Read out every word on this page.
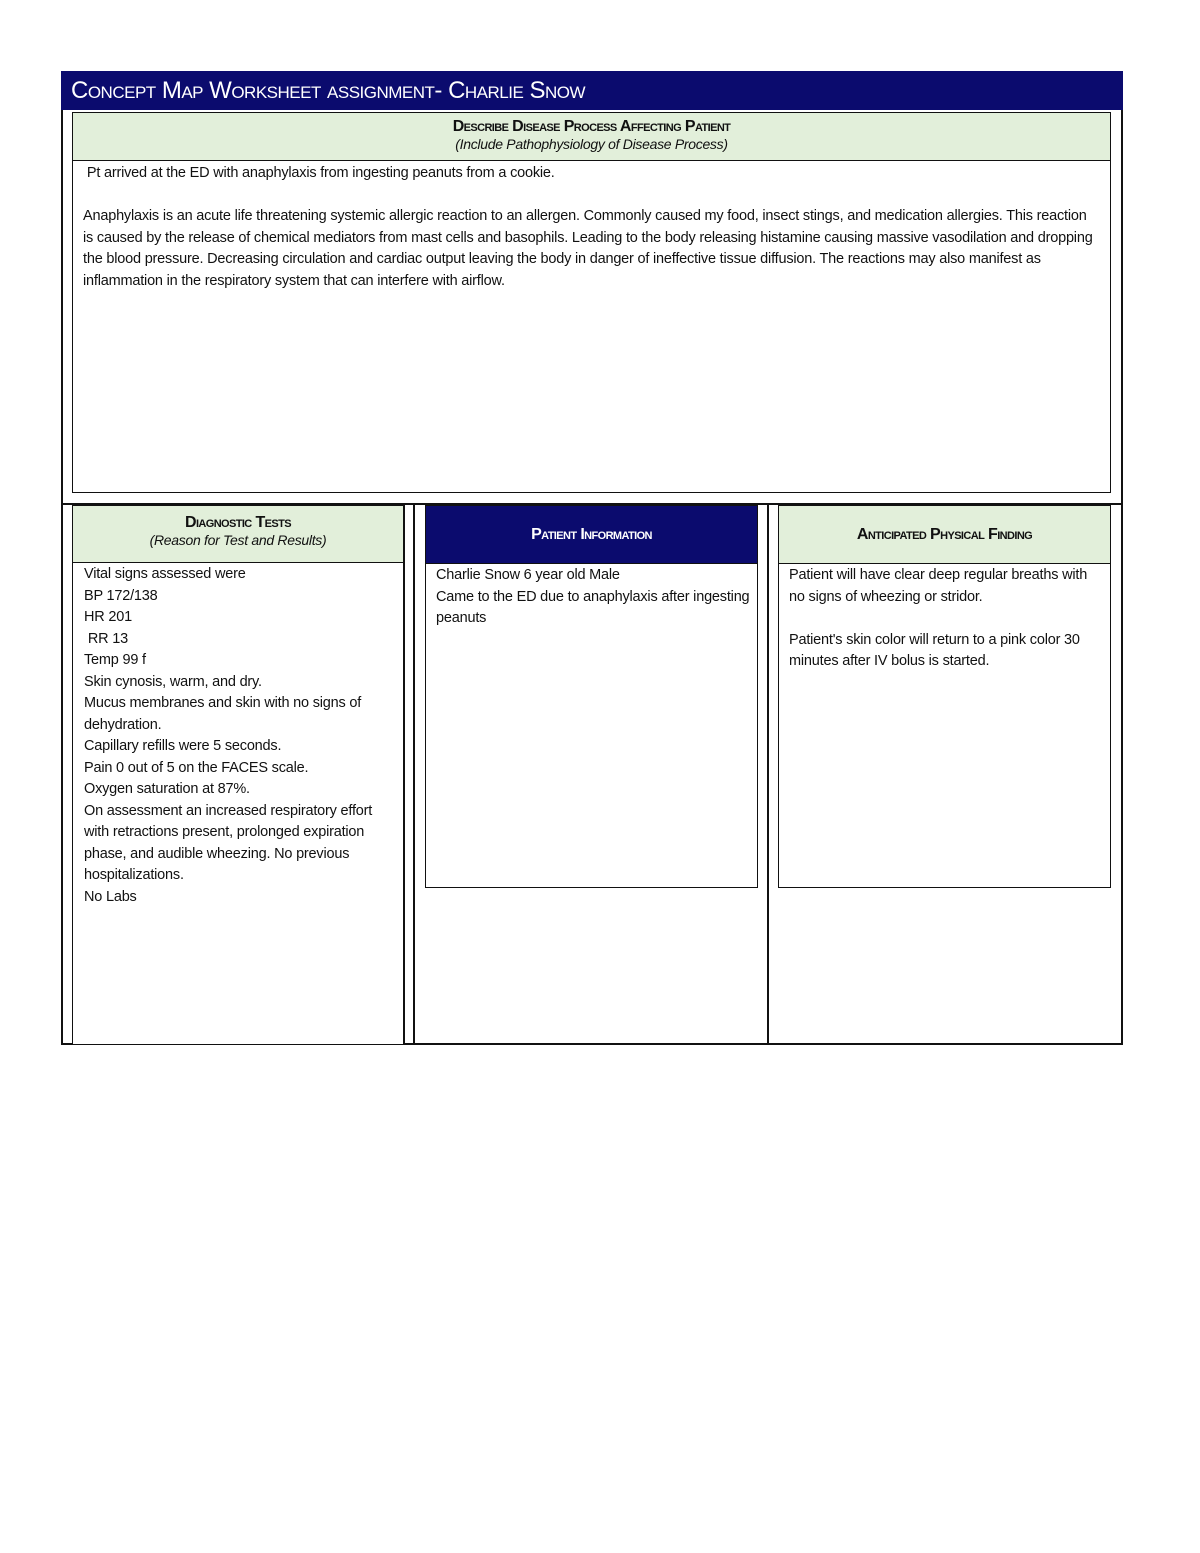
Concept Map Worksheet assignment- Charlie Snow
Describe Disease Process Affecting Patient
(Include Pathophysiology of Disease Process)
Pt arrived at the ED with anaphylaxis from ingesting peanuts from a cookie.

Anaphylaxis is an acute life threatening systemic allergic reaction to an allergen. Commonly caused my food, insect stings, and medication allergies. This reaction is caused by the release of chemical mediators from mast cells and basophils. Leading to the body releasing histamine causing massive vasodilation and dropping the blood pressure. Decreasing circulation and cardiac output leaving the body in danger of ineffective tissue diffusion. The reactions may also manifest as inflammation in the respiratory system that can interfere with airflow.
Diagnostic Tests
(Reason for Test and Results)
Vital signs assessed were
BP 172/138
HR 201
RR 13
Temp 99 f
Skin cynosis, warm, and dry.
Mucus membranes and skin with no signs of dehydration.
Capillary refills were 5 seconds.
Pain 0 out of 5 on the FACES scale.
Oxygen saturation at 87%.
On assessment an increased respiratory effort with retractions present, prolonged expiration phase, and audible wheezing. No previous hospitalizations.
No Labs
Patient Information
Charlie Snow 6 year old Male
Came to the ED due to anaphylaxis after ingesting peanuts
Anticipated Physical Finding
Patient will have clear deep regular breaths with no signs of wheezing or stridor.

Patient's skin color will return to a pink color 30 minutes after IV bolus is started.
